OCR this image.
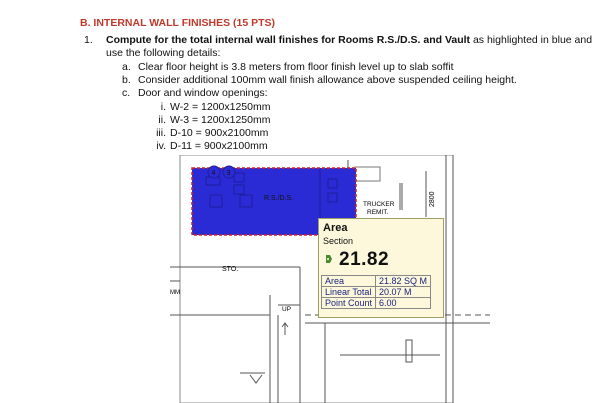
B. INTERNAL WALL FINISHES (15 PTS)
1. Compute for the total internal wall finishes for Rooms R.S./D.S. and Vault as highlighted in blue and use the following details:
a. Clear floor height is 3.8 meters from floor finish level up to slab soffit
b. Consider additional 100mm wall finish allowance above suspended ceiling height.
c. Door and window openings:
i. W-2 = 1200x1250mm
ii. W-3 = 1200x1250mm
iii. D-10 = 900x2100mm
iv. D-11 = 900x2100mm
TRUCKER
REMIT.
2800
STO.
MM
UP
4 3
R.S./D.S.
Area
Section
21.82
Area	21.82 SQ M
Linear Total	20.07 M
Point Count	6.00
